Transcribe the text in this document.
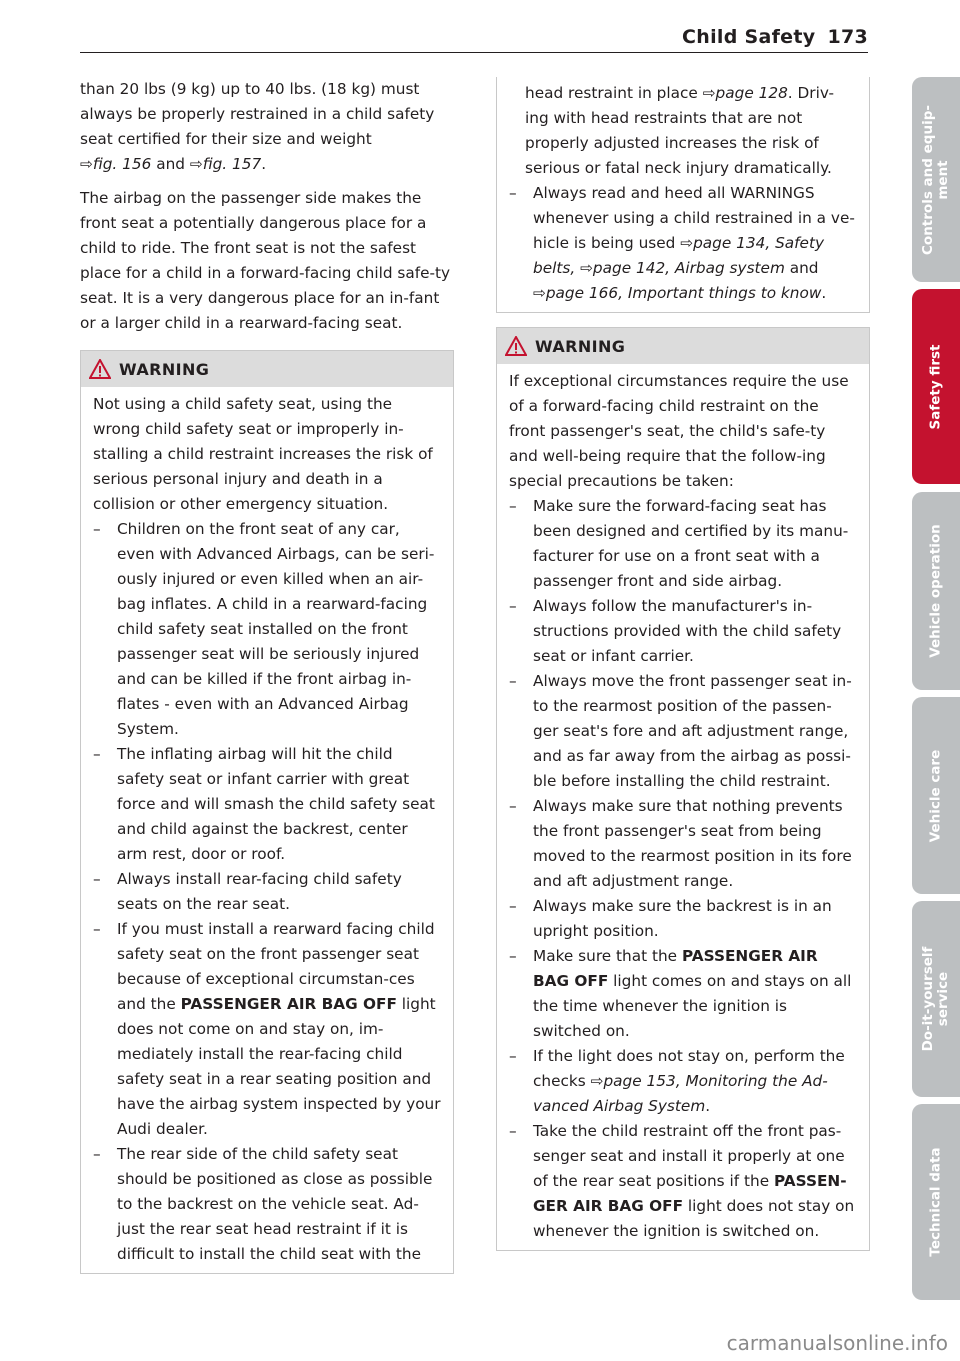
Child Safety 173

than 20 lbs (9 kg) up to 40 lbs. (18 kg) must always be properly restrained in a child safety seat certified for their size and weight
⇨fig. 156 and ⇨fig. 157.

The airbag on the passenger side makes the front seat a potentially dangerous place for a child to ride. The front seat is not the safest place for a child in a forward-facing child safe-ty seat. It is a very dangerous place for an in-fant or a larger child in a rearward-facing seat.

WARNING

Not using a child safety seat, using the wrong child safety seat or improperly in-stalling a child restraint increases the risk of serious personal injury and death in a collision or other emergency situation.

– Children on the front seat of any car, even with Advanced Airbags, can be seri-ously injured or even killed when an air-bag inflates. A child in a rearward-facing child safety seat installed on the front passenger seat will be seriously injured and can be killed if the front airbag in-flates - even with an Advanced Airbag System.
– The inflating airbag will hit the child safety seat or infant carrier with great force and will smash the child safety seat and child against the backrest, center arm rest, door or roof.
– Always install rear-facing child safety seats on the rear seat.
– If you must install a rearward facing child safety seat on the front passenger seat because of exceptional circumstan-ces and the PASSENGER AIR BAG OFF light does not come on and stay on, im-mediately install the rear-facing child safety seat in a rear seating position and have the airbag system inspected by your Audi dealer.
– The rear side of the child safety seat should be positioned as close as possible to the backrest on the vehicle seat. Ad-just the rear seat head restraint if it is difficult to install the child seat with the
head restraint in place ⇨page 128. Driv-ing with head restraints that are not properly adjusted increases the risk of serious or fatal neck injury dramatically.
– Always read and heed all WARNINGS whenever using a child restrained in a ve-hicle is being used ⇨page 134, Safety belts, ⇨page 142, Airbag system and ⇨page 166, Important things to know.
WARNING

If exceptional circumstances require the use of a forward-facing child restraint on the front passenger's seat, the child's safe-ty and well-being require that the follow-ing special precautions be taken:

– Make sure the forward-facing seat has been designed and certified by its manu-facturer for use on a front seat with a passenger front and side airbag.
– Always follow the manufacturer's in-structions provided with the child safety seat or infant carrier.
– Always move the front passenger seat in-to the rearmost position of the passen-ger seat's fore and aft adjustment range, and as far away from the airbag as possi-ble before installing the child restraint.
– Always make sure that nothing prevents the front passenger's seat from being moved to the rearmost position in its fore and aft adjustment range.
– Always make sure the backrest is in an upright position.
– Make sure that the PASSENGER AIR BAG OFF light comes on and stays on all the time whenever the ignition is switched on.
– If the light does not stay on, perform the checks ⇨page 153, Monitoring the Ad-vanced Airbag System.
– Take the child restraint off the front pas-senger seat and install it properly at one of the rear seat positions if the PASSEN-GER AIR BAG OFF light does not stay on whenever the ignition is switched on.
Controls and equip- ment
Safety first
Vehicle operation
Vehicle care
Do-it-yourself service
Technical data
carmanualsonline.info
